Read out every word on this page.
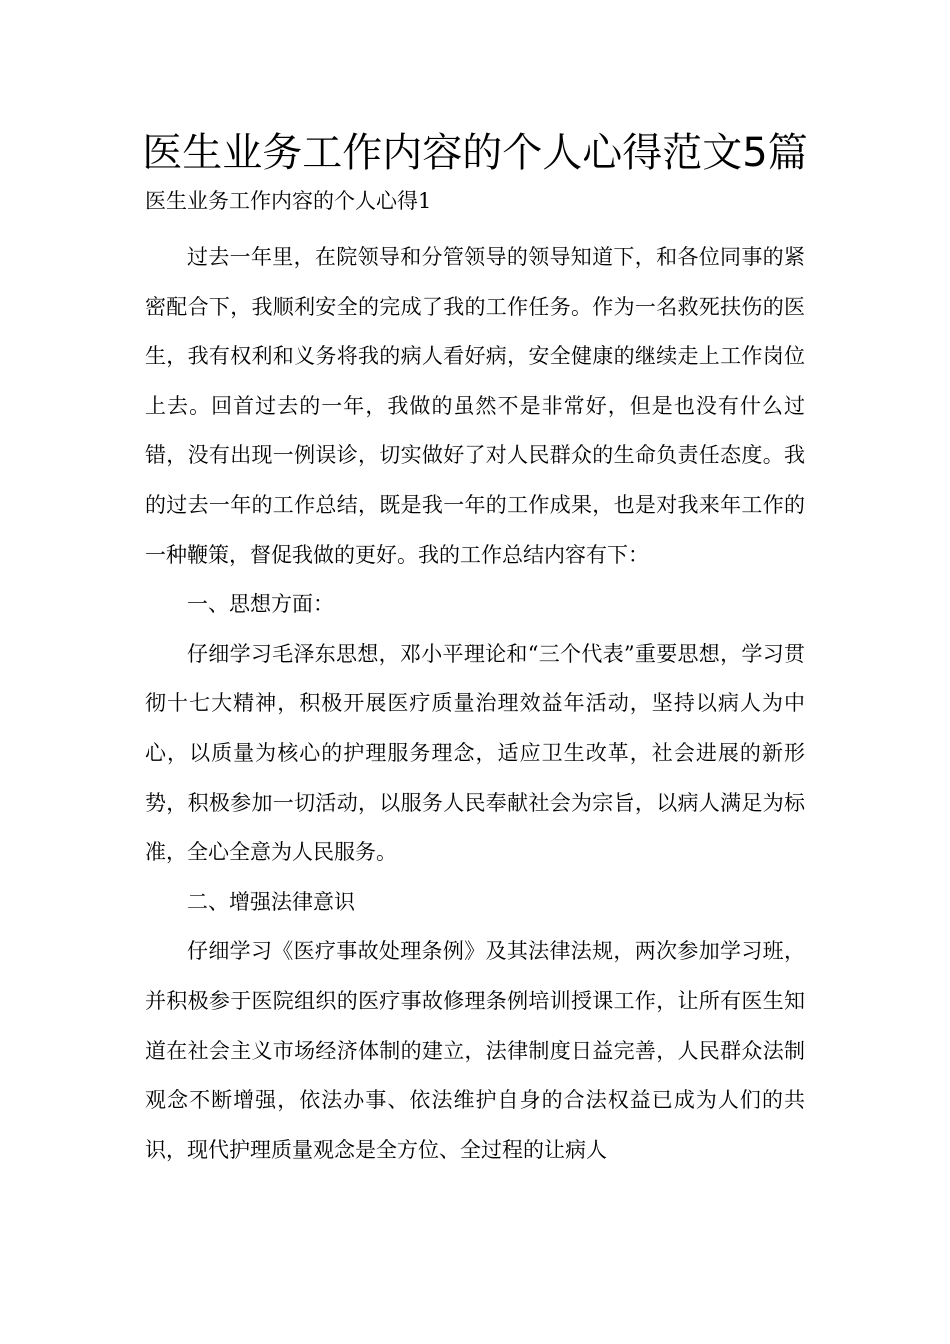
医生业务工作内容的个人心得范文5篇

医生业务工作内容的个人心得1

过去一年里，在院领导和分管领导的领导知道下，和各位同事的紧密配合下，我顺利安全的完成了我的工作任务。作为一名救死扶伤的医生，我有权利和义务将我的病人看好病，安全健康的继续走上工作岗位上去。回首过去的一年，我做的虽然不是非常好，但是也没有什么过错，没有出现一例误诊，切实做好了对人民群众的生命负责任态度。我的过去一年的工作总结，既是我一年的工作成果，也是对我来年工作的一种鞭策，督促我做的更好。我的工作总结内容有下：

一、思想方面：

仔细学习毛泽东思想，邓小平理论和“三个代表”重要思想，学习贯彻十七大精神，积极开展医疗质量治理效益年活动，坚持以病人为中心，以质量为核心的护理服务理念，适应卫生改革，社会进展的新形势，积极参加一切活动，以服务人民奉献社会为宗旨，以病人满足为标准，全心全意为人民服务。

二、增强法律意识

仔细学习《医疗事故处理条例》及其法律法规，两次参加学习班，并积极参于医院组织的医疗事故修理条例培训授课工作，让所有医生知道在社会主义市场经济体制的建立，法律制度日益完善，人民群众法制观念不断增强，依法办事、依法维护自身的合法权益已成为人们的共识，现代护理质量观念是全方位、全过程的让病人
